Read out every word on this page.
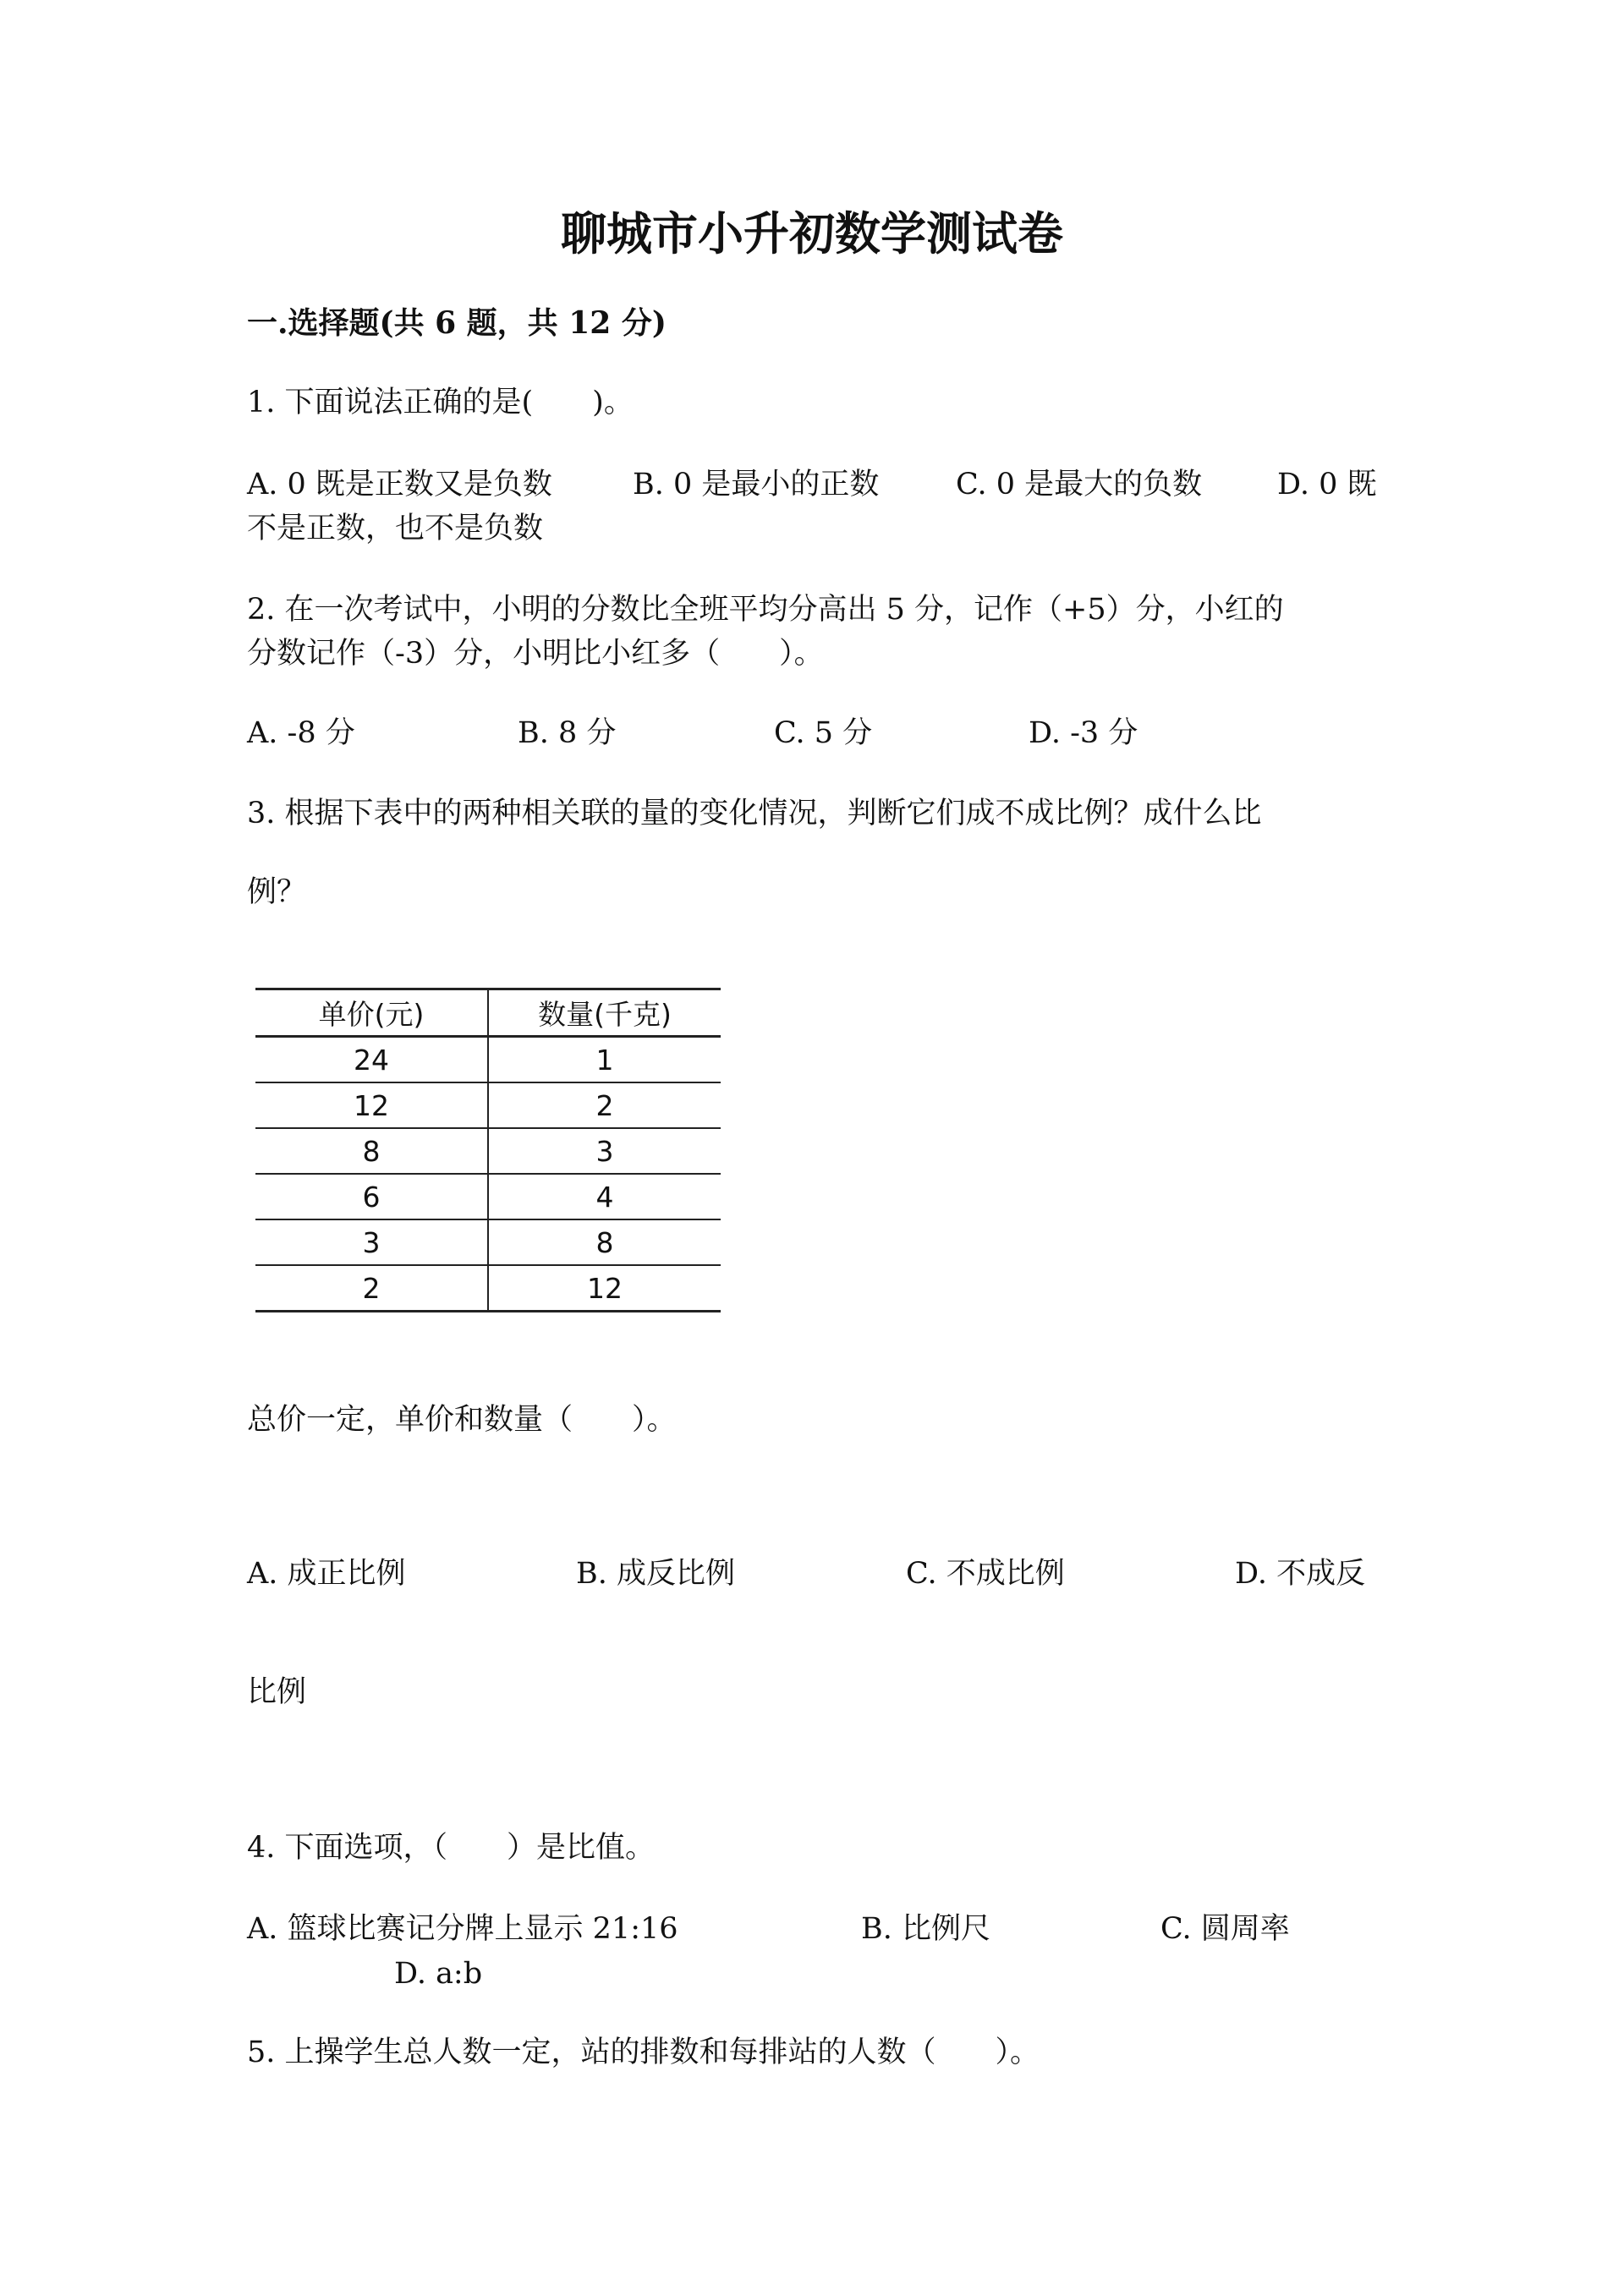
聊城市小升初数学测试卷
一.选择题(共 6 题，共 12 分)
1. 下面说法正确的是(　　)。
A. 0 既是正数又是负数	B. 0 是最小的正数	C. 0 是最大的负数	D. 0 既
不是正数，也不是负数
2. 在一次考试中，小明的分数比全班平均分高出 5 分，记作（+5）分，小红的
分数记作（-3）分，小明比小红多（　　）。
A. -8 分	B. 8 分	C. 5 分	D. -3 分
3. 根据下表中的两种相关联的量的变化情况，判断它们成不成比例？成什么比
例？
单价(元)	数量(千克)
24	1
12	2
8	3
6	4
3	8
2	12
总价一定，单价和数量（　　）。
A. 成正比例	B. 成反比例	C. 不成比例	D. 不成反
比例
4. 下面选项，（　　）是比值。
A. 篮球比赛记分牌上显示 21:16	B. 比例尺	C. 圆周率
D. a:b
5. 上操学生总人数一定，站的排数和每排站的人数（　　）。
